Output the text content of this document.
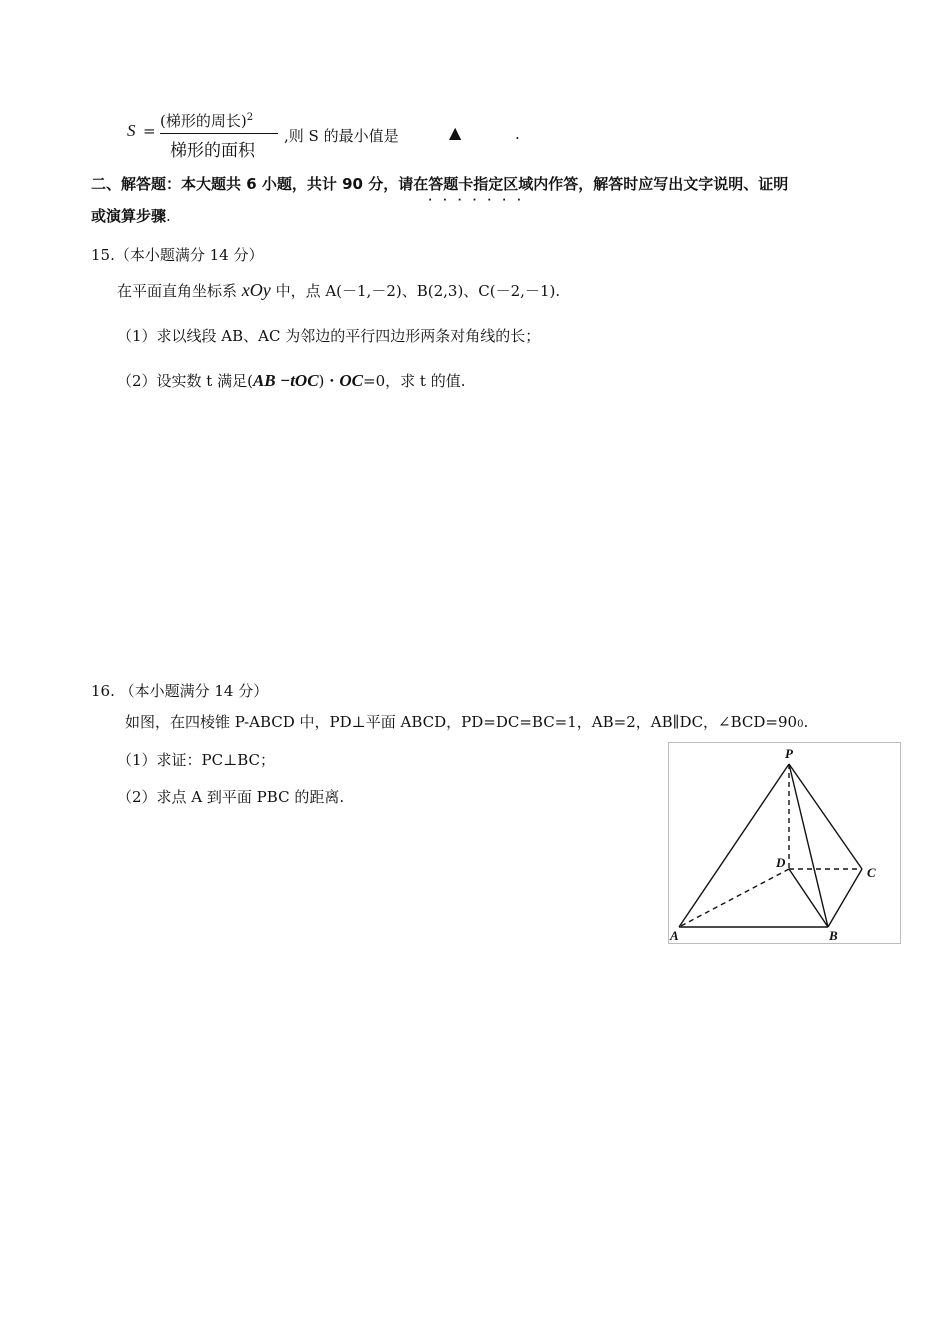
S =
(梯形的周长)$^2$
梯形的面积
,则 S 的最小值是	▲	.
二、解答题：本大题共 6 小题，共计 90 分，请在答题卡指定区域
·······
内作答，解答时应写出文字说明、证明
或演算步骤.
15.（本小题满分 14 分）
在平面直角坐标系 xOy 中，点 A(－1,－2)、B(2,3)、C(－2,－1).
（1）求以线段 AB、AC 为邻边的平行四边形两条对角线的长；
（2）设实数 t 满足(AB −tOC)・OC=0，求 t 的值.
16. （本小题满分 14 分）
如图，在四棱锥 P-ABCD 中，PD⊥平面 ABCD，PD=DC=BC=1，AB=2，AB∥DC，∠BCD=900.
（1）求证：PC⊥BC；
（2）求点 A 到平面 PBC 的距离.
P
D
C
A	B
